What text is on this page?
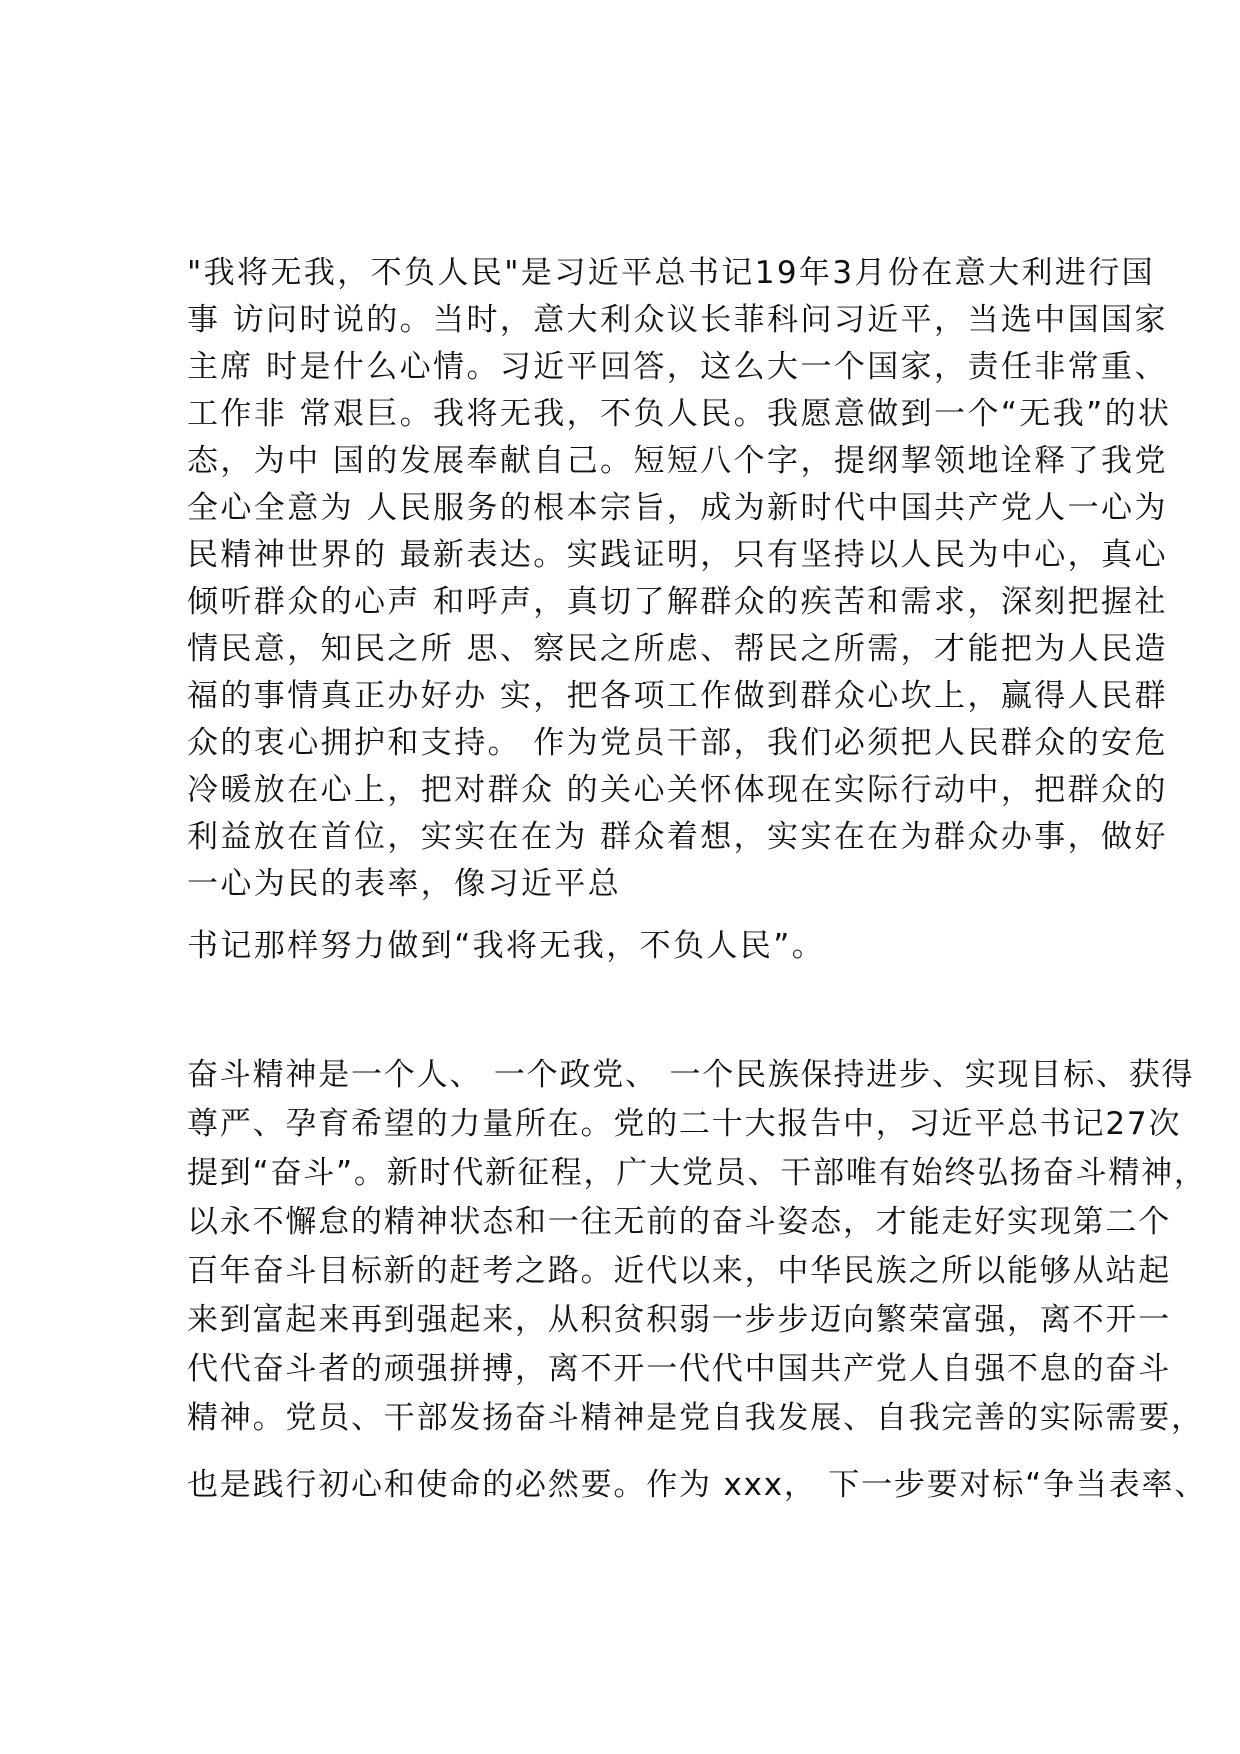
"我将无我，不负人民"是习近平总书记19年3月份在意大利进行国
事 访问时说的。当时，意大利众议长菲科问习近平，当选中国国家
主席 时是什么心情。习近平回答，这么大一个国家，责任非常重、
工作非 常艰巨。我将无我，不负人民。我愿意做到一个“无我”的状
态，为中 国的发展奉献自己。短短八个字，提纲挈领地诠释了我党
全心全意为 人民服务的根本宗旨，成为新时代中国共产党人一心为
民精神世界的 最新表达。实践证明，只有坚持以人民为中心，真心
倾听群众的心声 和呼声，真切了解群众的疾苦和需求，深刻把握社
情民意，知民之所 思、察民之所虑、帮民之所需，才能把为人民造
福的事情真正办好办 实，把各项工作做到群众心坎上，赢得人民群
众的衷心拥护和支持。 作为党员干部，我们必须把人民群众的安危
冷暖放在心上，把对群众 的关心关怀体现在实际行动中，把群众的
利益放在首位，实实在在为 群众着想，实实在在为群众办事，做好
一心为民的表率，像习近平总
书记那样努力做到“我将无我，不负人民”。
奋斗精神是一个人、 一个政党、 一个民族保持进步、实现目标、获得
尊严、孕育希望的力量所在。党的二十大报告中，习近平总书记27次
提到“奋斗”。新时代新征程，广大党员、干部唯有始终弘扬奋斗精神，
以永不懈怠的精神状态和一往无前的奋斗姿态，才能走好实现第二个
百年奋斗目标新的赶考之路。近代以来，中华民族之所以能够从站起
来到富起来再到强起来，从积贫积弱一步步迈向繁荣富强，离不开一
代代奋斗者的顽强拼搏，离不开一代代中国共产党人自强不息的奋斗
精神。党员、干部发扬奋斗精神是党自我发展、自我完善的实际需要，
也是践行初心和使命的必然要。作为 xxx， 下一步要对标“争当表率、
